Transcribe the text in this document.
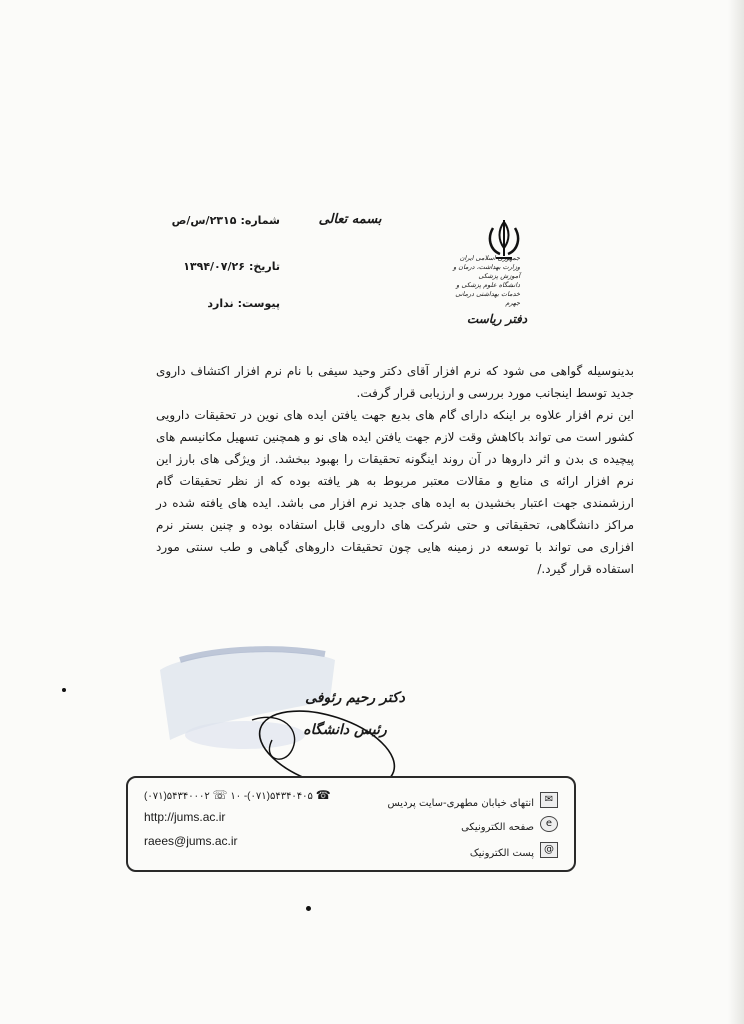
بسمه تعالی
شماره:۲۳۱۵/س/ص
تاریخ:۱۳۹۴/۰۷/۲۶
پیوست:ندارد
جمهوری اسلامی ایران
وزارت بهداشت، درمان و آموزش پزشکی
دانشگاه علوم پزشکی و خدمات بهداشتی درمانی جهرم
دفتر ریاست

بدینوسیله گواهی می شود که نرم افزار آقای دکتر وحید سیفی با نام نرم افزار اکتشاف داروی جدید توسط اینجانب مورد بررسی و ارزیابی قرار گرفت.

این نرم افزار علاوه بر اینکه دارای گام های بدیع جهت یافتن ایده های نوین در تحقیقات دارویی کشور است می تواند باکاهش وقت لازم جهت یافتن ایده های نو و همچنین تسهیل مکانیسم های پیچیده ی بدن و اثر داروها در آن روند اینگونه تحقیقات را بهبود ببخشد. از ویژگی های بارز این نرم افزار ارائه ی منابع و مقالات معتبر مربوط به هر یافته بوده که از نظر تحقیقات گام ارزشمندی جهت اعتبار بخشیدن به ایده های جدید نرم افزار می باشد. ایده های یافته شده در مراکز دانشگاهی، تحقیقاتی و حتی شرکت های دارویی قابل استفاده بوده و چنین بستر نرم افزاری می تواند با توسعه در زمینه هایی چون تحقیقات داروهای گیاهی و طب سنتی مورد استفاده قرار گیرد./

دکتر رحیم رئوفی
رئیس دانشگاه
✉
انتهای خیابان مطهری-سایت پردیس
e
صفحه الکترونیکی
@
پست الکترونیک
(۰۷۱)۵۴۳۴۰۰۰۲ ☏ ۱۰ -(۰۷۱)۵۴۳۴۰۴۰۵ ☎
http://jums.ac.ir
raees@jums.ac.ir
